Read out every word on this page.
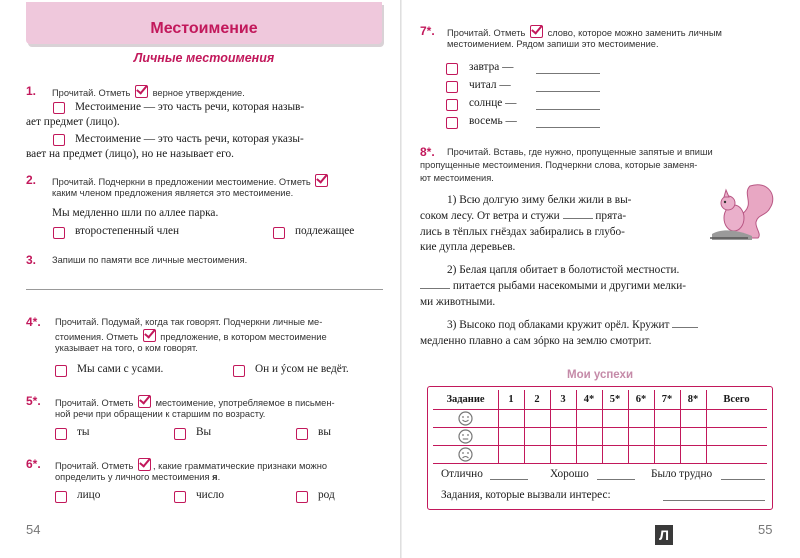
Местоимение
Личные местоимения
1. Прочитай. Отметь верное утверждение.
Местоимение — это часть речи, которая назыв-
ает предмет (лицо).
Местоимение — это часть речи, которая указы-
вает на предмет (лицо), но не называет его.
2. Прочитай. Подчеркни в предложении местоимение. Отметь
каким членом предложения является это местоимение.
Мы медленно шли по аллее парка.
второстепенный член	подлежащее
3. Запиши по памяти все личные местоимения.
4*. Прочитай. Подумай, когда так говорят. Подчеркни личные ме-
стоимения. Отметь предложение, в котором местоимение
указывает на того, о ком говорят.
Мы сами с усами.	Он и ýсом не ведёт.
5*. Прочитай. Отметь местоимение, употребляемое в письмен-
ной речи при обращении к старшим по возрасту.
ты	Вы	вы
6*. Прочитай. Отметь , какие грамматические признаки можно
определить у личного местоимения я.
лицо	число	род
54
7*. Прочитай. Отметь слово, которое можно заменить личным
местоимением. Рядом запиши это местоимение.
завтра —
читал —
солнце —
восемь —
8*. Прочитай. Вставь, где нужно, пропущенные запятые и впиши
пропущенные местоимения. Подчеркни слова, которые заменя-
ют местоимения.
1) Всю долгую зиму белки жили в вы-
соком лесу. От ветра и стужи	прята-
лись в тёплых гнёздах забирались в глубо-
кие дупла деревьев.
2) Белая цапля обитает в болотистой местности.
питается рыбами насекомыми и другими мелки-
ми животными.
3) Высоко под облаками кружит орёл. Кружит
медленно плавно а сам зóрко на землю смотрит.
Мои успехи
Задание	1	2	3	4*	5*	6*	7*	8*	Всего
Отлично	Хорошо	Было трудно
Задания, которые вызвали интерес:
Л	55
